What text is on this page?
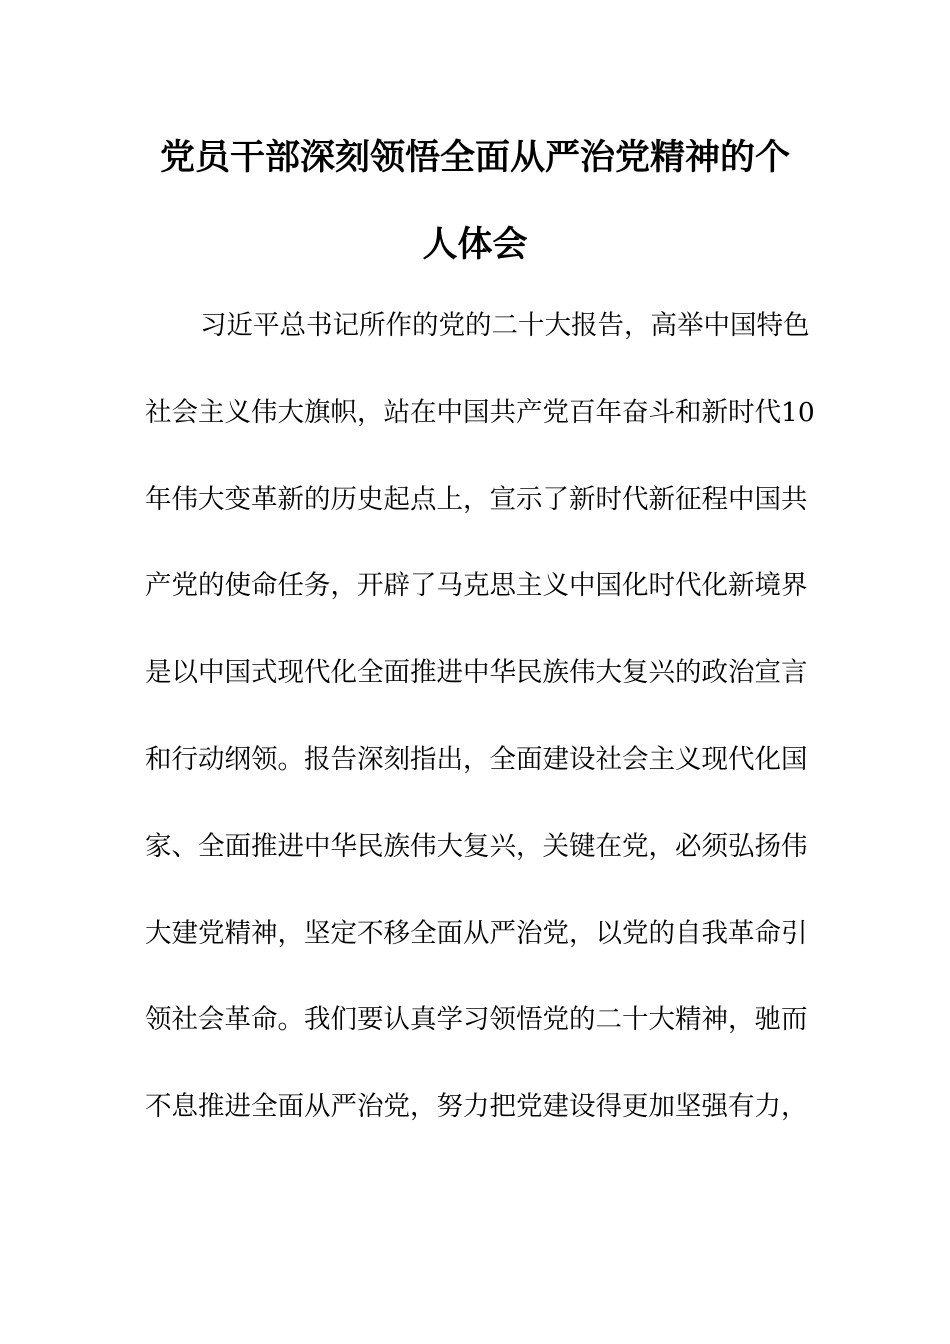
党员干部深刻领悟全面从严治党精神的个
人体会
习近平总书记所作的党的二十大报告，高举中国特色
社会主义伟大旗帜，站在中国共产党百年奋斗和新时代10
年伟大变革新的历史起点上，宣示了新时代新征程中国共
产党的使命任务，开辟了马克思主义中国化时代化新境界
是以中国式现代化全面推进中华民族伟大复兴的政治宣言
和行动纲领。报告深刻指出，全面建设社会主义现代化国
家、全面推进中华民族伟大复兴，关键在党，必须弘扬伟
大建党精神，坚定不移全面从严治党，以党的自我革命引
领社会革命。我们要认真学习领悟党的二十大精神，驰而
不息推进全面从严治党，努力把党建设得更加坚强有力，
